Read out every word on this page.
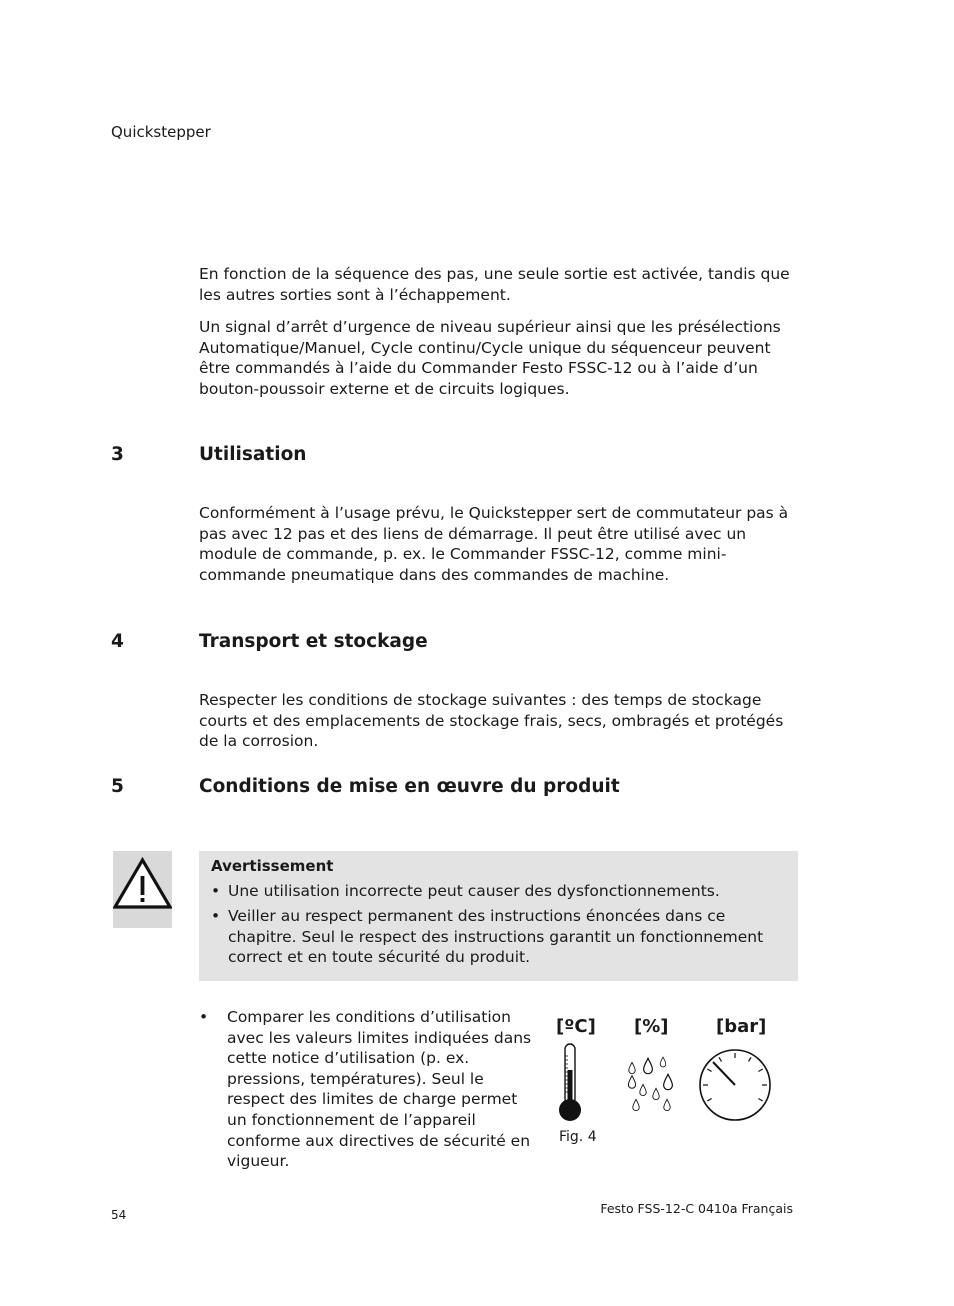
Quickstepper

En fonction de la séquence des pas, une seule sortie est activée, tandis que les autres sorties sont à l’échappement.

Un signal d’arrêt d’urgence de niveau supérieur ainsi que les présélections Automatique/Manuel, Cycle continu/Cycle unique du séquenceur peuvent être commandés à l’aide du Commander Festo FSSC-12 ou à l’aide d’un bouton-poussoir externe et de circuits logiques.

3	Utilisation

Conformément à l’usage prévu, le Quickstepper sert de commutateur pas à pas avec 12 pas et des liens de démarrage. Il peut être utilisé avec un module de commande, p. ex. le Commander FSSC-12, comme mini-commande pneumatique dans des commandes de machine.

4	Transport et stockage

Respecter les conditions de stockage suivantes : des temps de stockage courts et des emplacements de stockage frais, secs, ombragés et protégés de la corrosion.

5	Conditions de mise en œuvre du produit
Avertissement
• Une utilisation incorrecte peut causer des dysfonctionnements.
• Veiller au respect permanent des instructions énoncées dans ce chapitre. Seul le respect des instructions garantit un fonctionnement correct et en toute sécurité du produit.
• Comparer les conditions d’utilisation avec les valeurs limites indiquées dans cette notice d’utilisation (p. ex. pressions, températures). Seul le respect des limites de charge permet un fonctionnement de l’appareil conforme aux directives de sécurité en vigueur.
[ºC] [%]	[bar]
Fig. 4
54	Festo FSS-12-C 0410a Français
